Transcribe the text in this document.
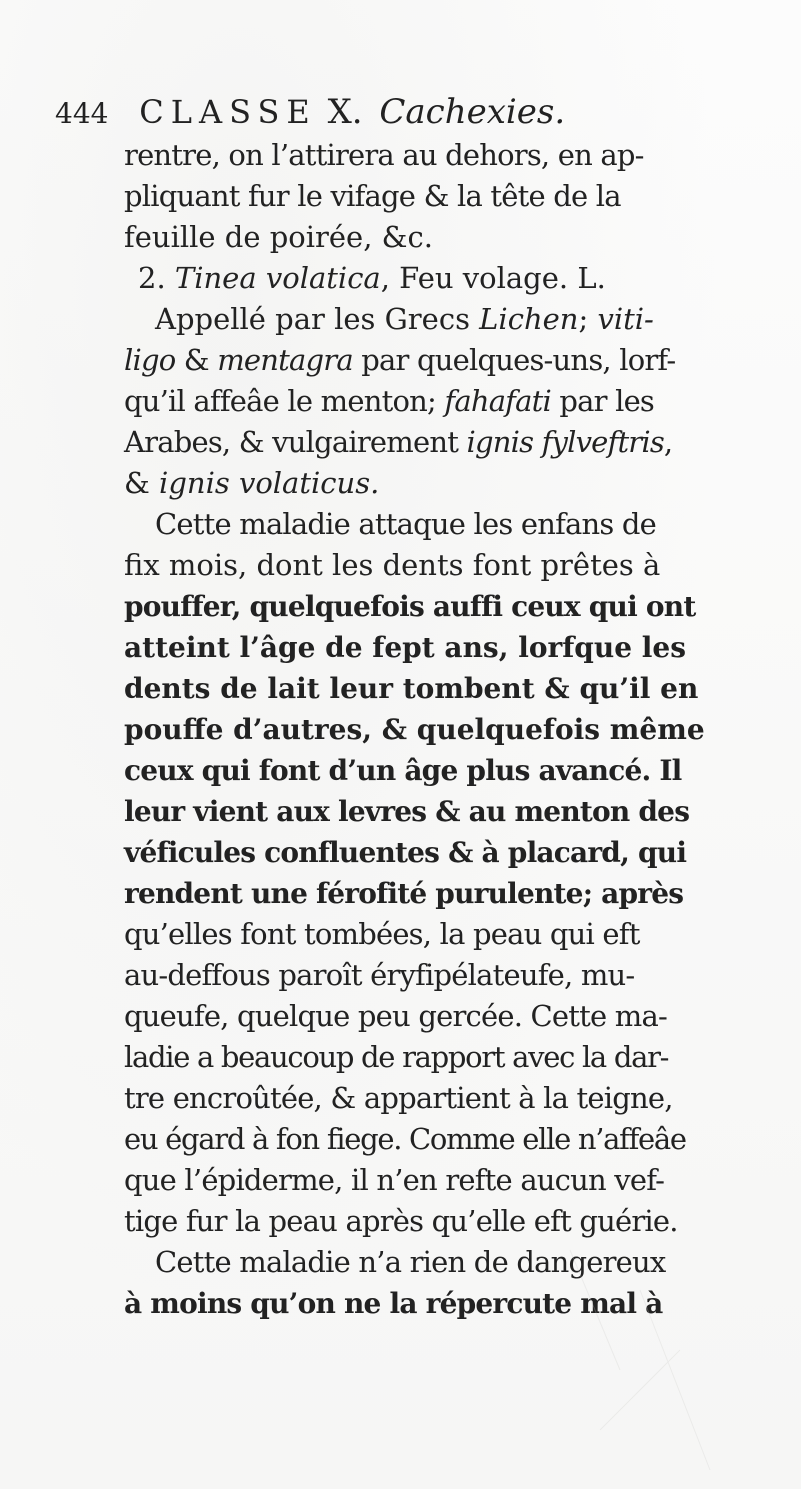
444 CLASSE X. Cachexies.
rentre, on l’attirera au dehors, en ap-
pliquant fur le vifage & la tête de la
feuille de poirée, &c.
2. Tinea volatica, Feu volage. L.
Appellé par les Grecs Lichen; viti-
ligo & mentagra par quelques-uns, lorf-
qu’il affeâe le menton; fahafati par les
Arabes, & vulgairement ignis fylveftris,
& ignis volaticus.
Cette maladie attaque les enfans de
fix mois, dont les dents font prêtes à
pouffer, quelquefois auffi ceux qui ont
atteint l’âge de fept ans, lorfque les
dents de lait leur tombent & qu’il en
pouffe d’autres, & quelquefois même
ceux qui font d’un âge plus avancé. Il
leur vient aux levres & au menton des
véficules confluentes & à placard, qui
rendent une férofité purulente; après
qu’elles font tombées, la peau qui eft
au-deffous paroît éryfipélateufe, mu-
queufe, quelque peu gercée. Cette ma-
ladie a beaucoup de rapport avec la dar-
tre encroûtée, & appartient à la teigne,
eu égard à fon fiege. Comme elle n’affeâe
que l’épiderme, il n’en refte aucun vef-
tige fur la peau après qu’elle eft guérie.
Cette maladie n’a rien de dangereux
à moins qu’on ne la répercute mal à
